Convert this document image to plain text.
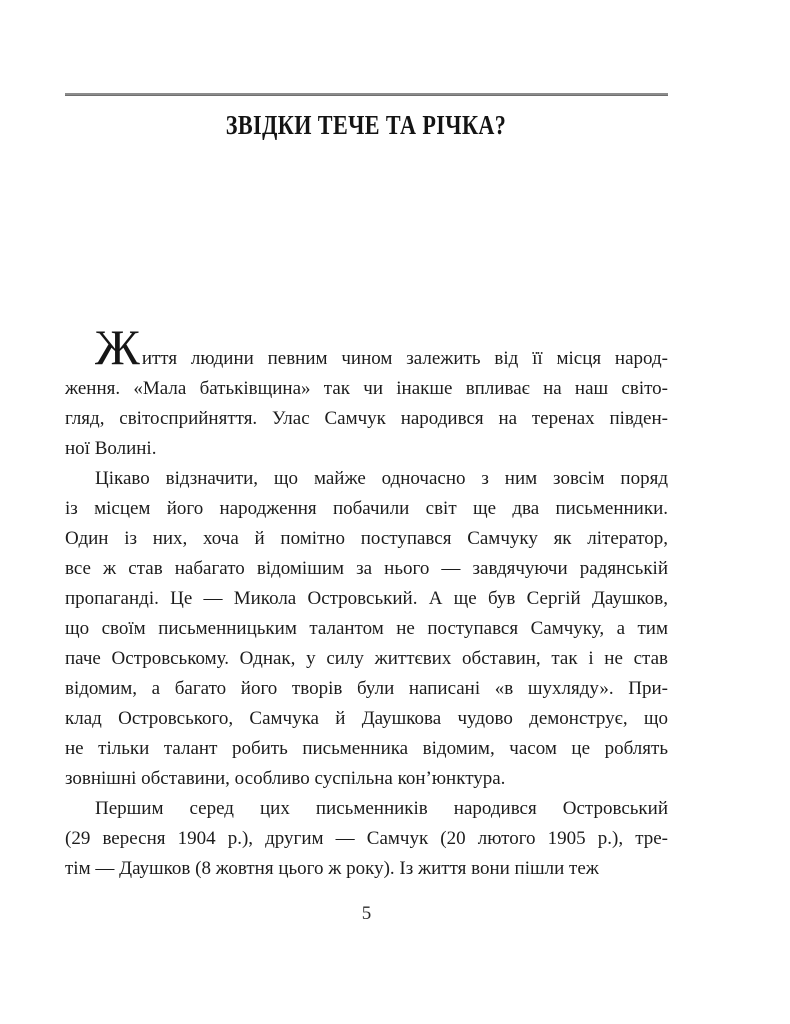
ЗВІДКИ ТЕЧЕ ТА РІЧКА?
Життя людини певним чином залежить від її місця народ-
ження. «Мала батьківщина» так чи інакше впливає на наш світо-
гляд, світосприйняття. Улас Самчук народився на теренах півден-
ної Волині.
Цікаво відзначити, що майже одночасно з ним зовсім поряд
із місцем його народження побачили світ ще два письменники.
Один із них, хоча й помітно поступався Самчуку як літератор,
все ж став набагато відомішим за нього — завдячуючи радянській
пропаганді. Це — Микола Островський. А ще був Сергій Даушков,
що своїм письменницьким талантом не поступався Самчуку, а тим
паче Островському. Однак, у силу життєвих обставин, так і не став
відомим, а багато його творів були написані «в шухляду». При-
клад Островського, Самчука й Даушкова чудово демонструє, що
не тільки талант робить письменника відомим, часом це роблять
зовнішні обставини, особливо суспільна кон’юнктура.
Першим серед цих письменників народився Островський
(29 вересня 1904 р.), другим — Самчук (20 лютого 1905 р.), тре-
тім — Даушков (8 жовтня цього ж року). Із життя вони пішли теж
5
